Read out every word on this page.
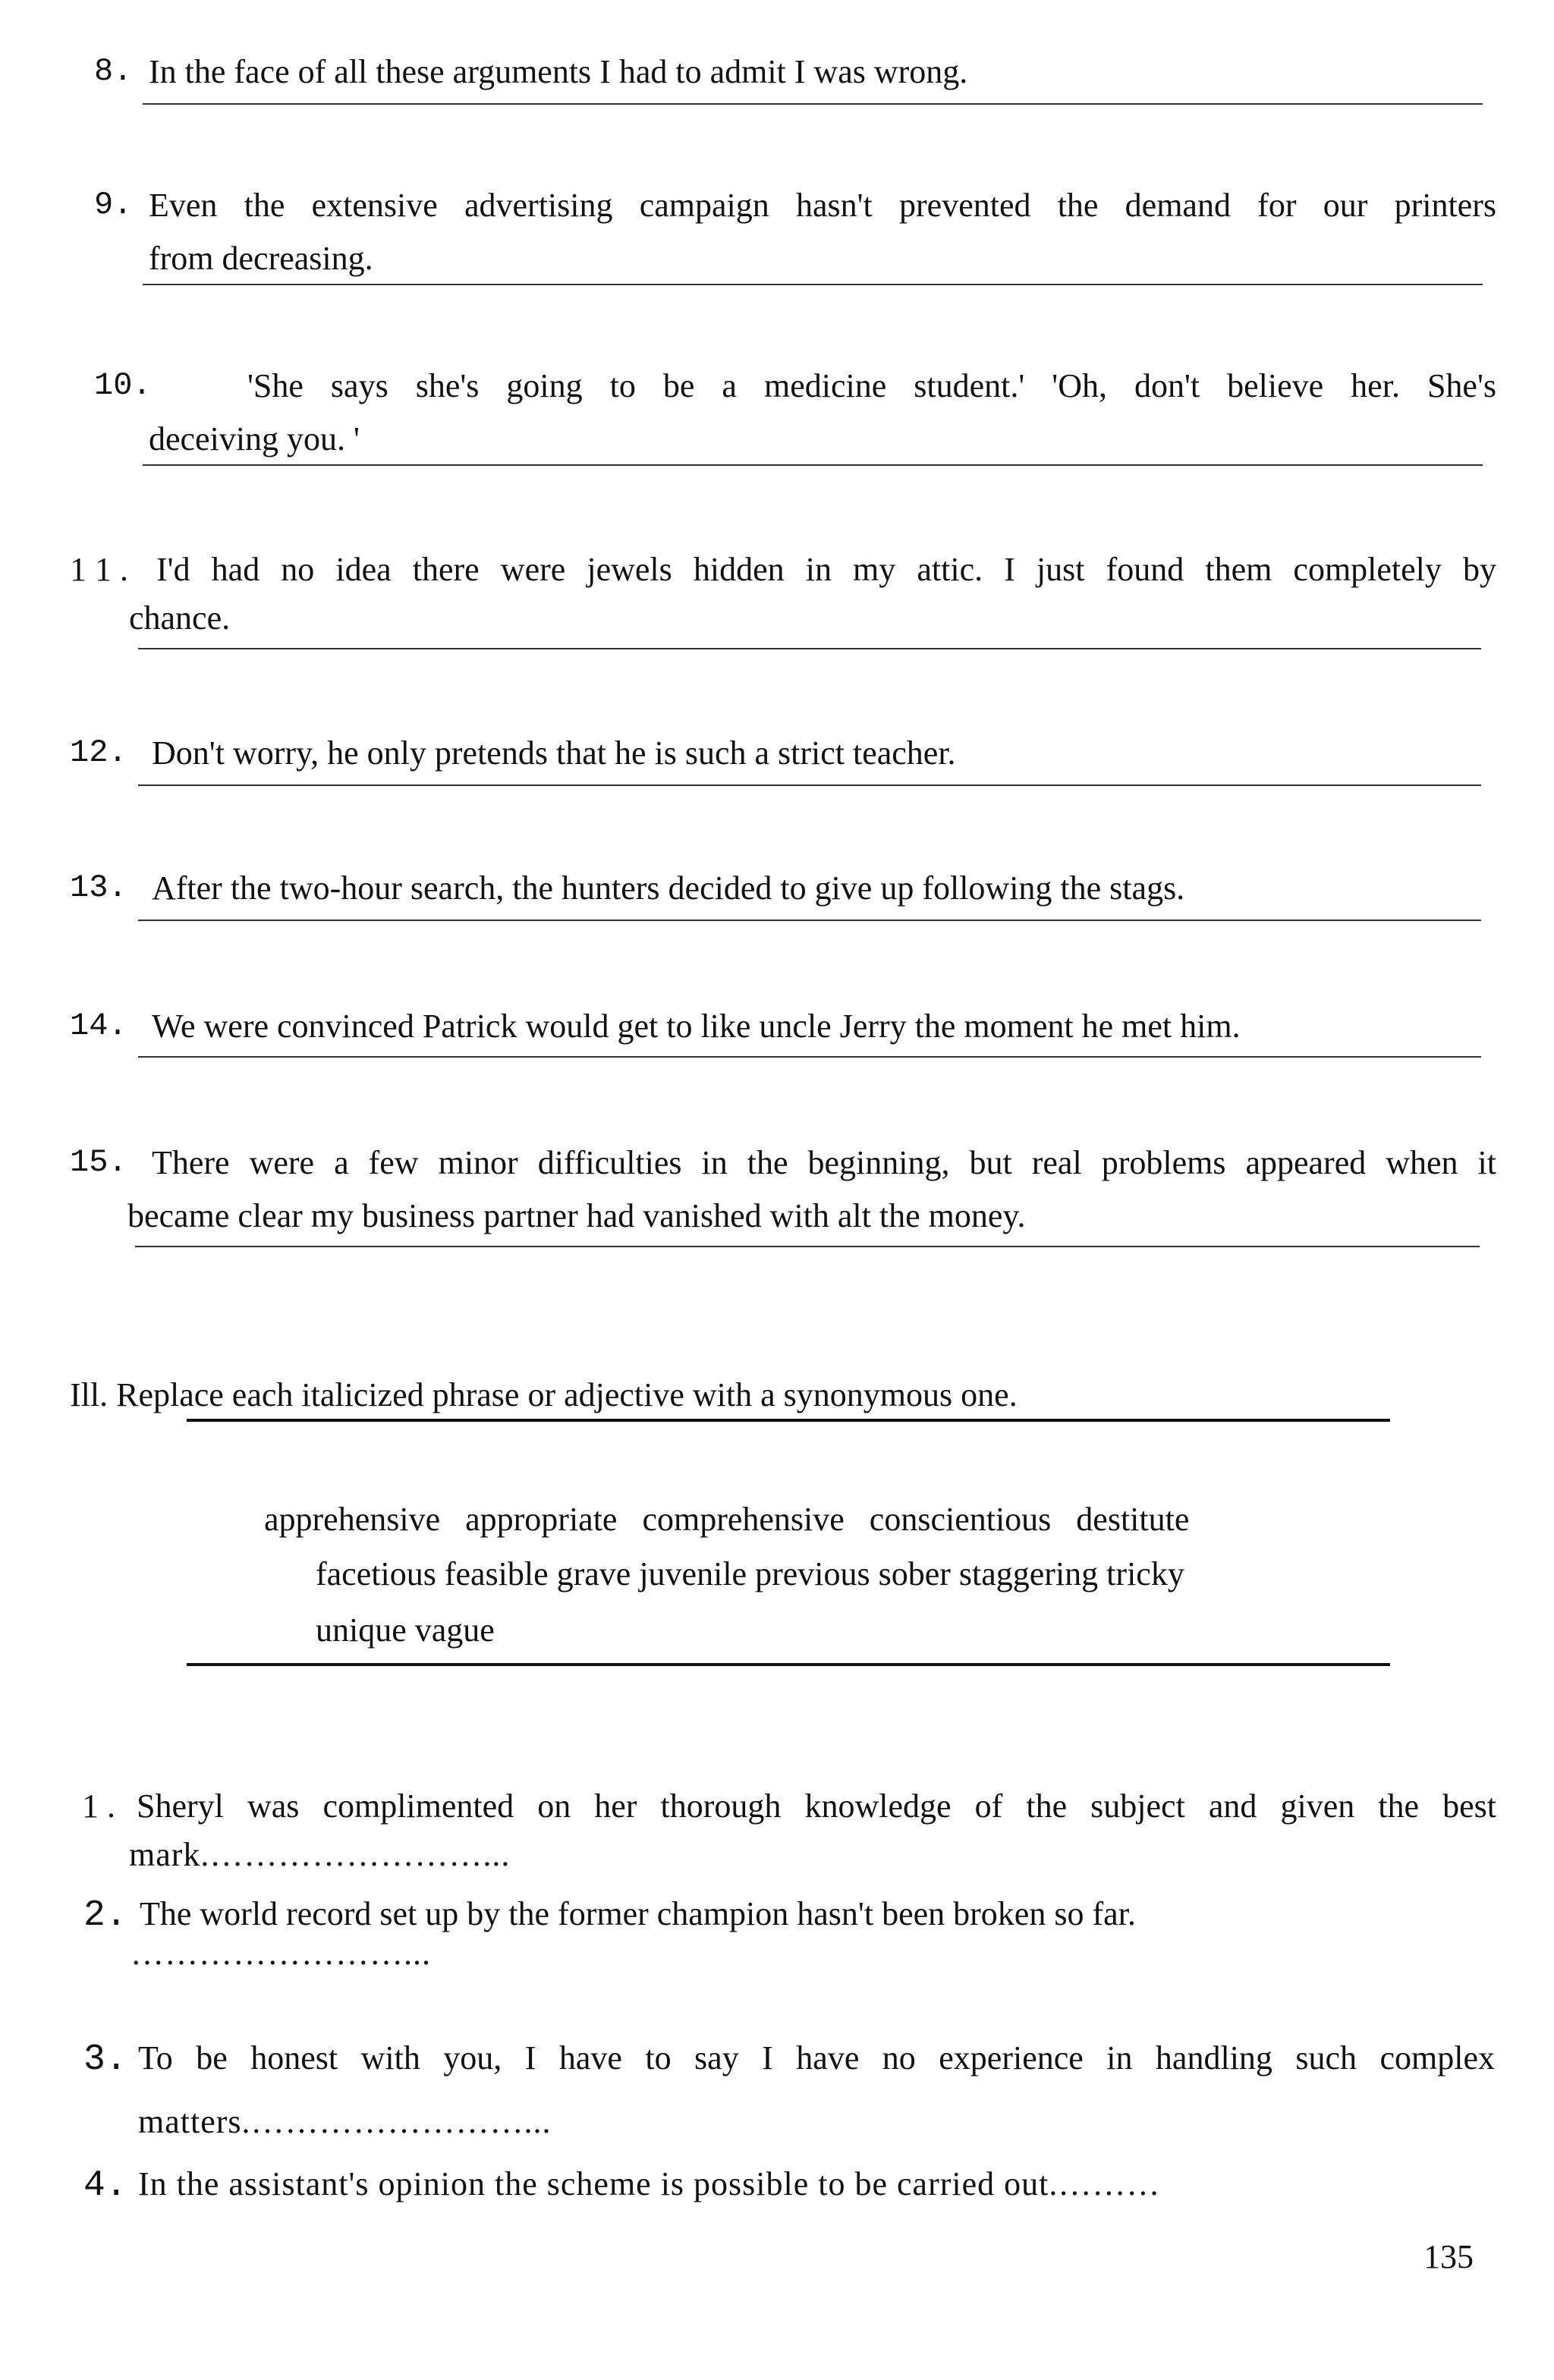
8. In the face of all these arguments I had to admit I was wrong.
9. Even the extensive advertising campaign hasn't prevented the demand for our printers
from decreasing.
10.	'She says she's going to be a medicine student.' 'Oh, don't believe her. She's
deceiving you. '
1 1 . I'd had no idea there were jewels hidden in my attic. I just found them completely by
chance.
12. Don't worry, he only pretends that he is such a strict teacher.
13. After the two-hour search, the hunters decided to give up following the stags.
14. We were convinced Patrick would get to like uncle Jerry the moment he met him.
15. There were a few minor difficulties in the beginning, but real problems appeared when it
became clear my business partner had vanished with alt the money.
Ill. Replace each italicized phrase or adjective with a synonymous one.
apprehensive   appropriate   comprehensive   conscientious   destitute
facetious feasible grave juvenile previous sober staggering tricky
unique vague
1 . Sheryl was complimented on her thorough knowledge of the subject and given the best
mark.……………………...
2. The world record set up by the former champion hasn't been broken so far.
……………………...
3. To be honest with you, I have to say I have no experience in handling such complex
matters.……………………...
4. In the assistant's opinion the scheme is possible to be carried out.………
135
